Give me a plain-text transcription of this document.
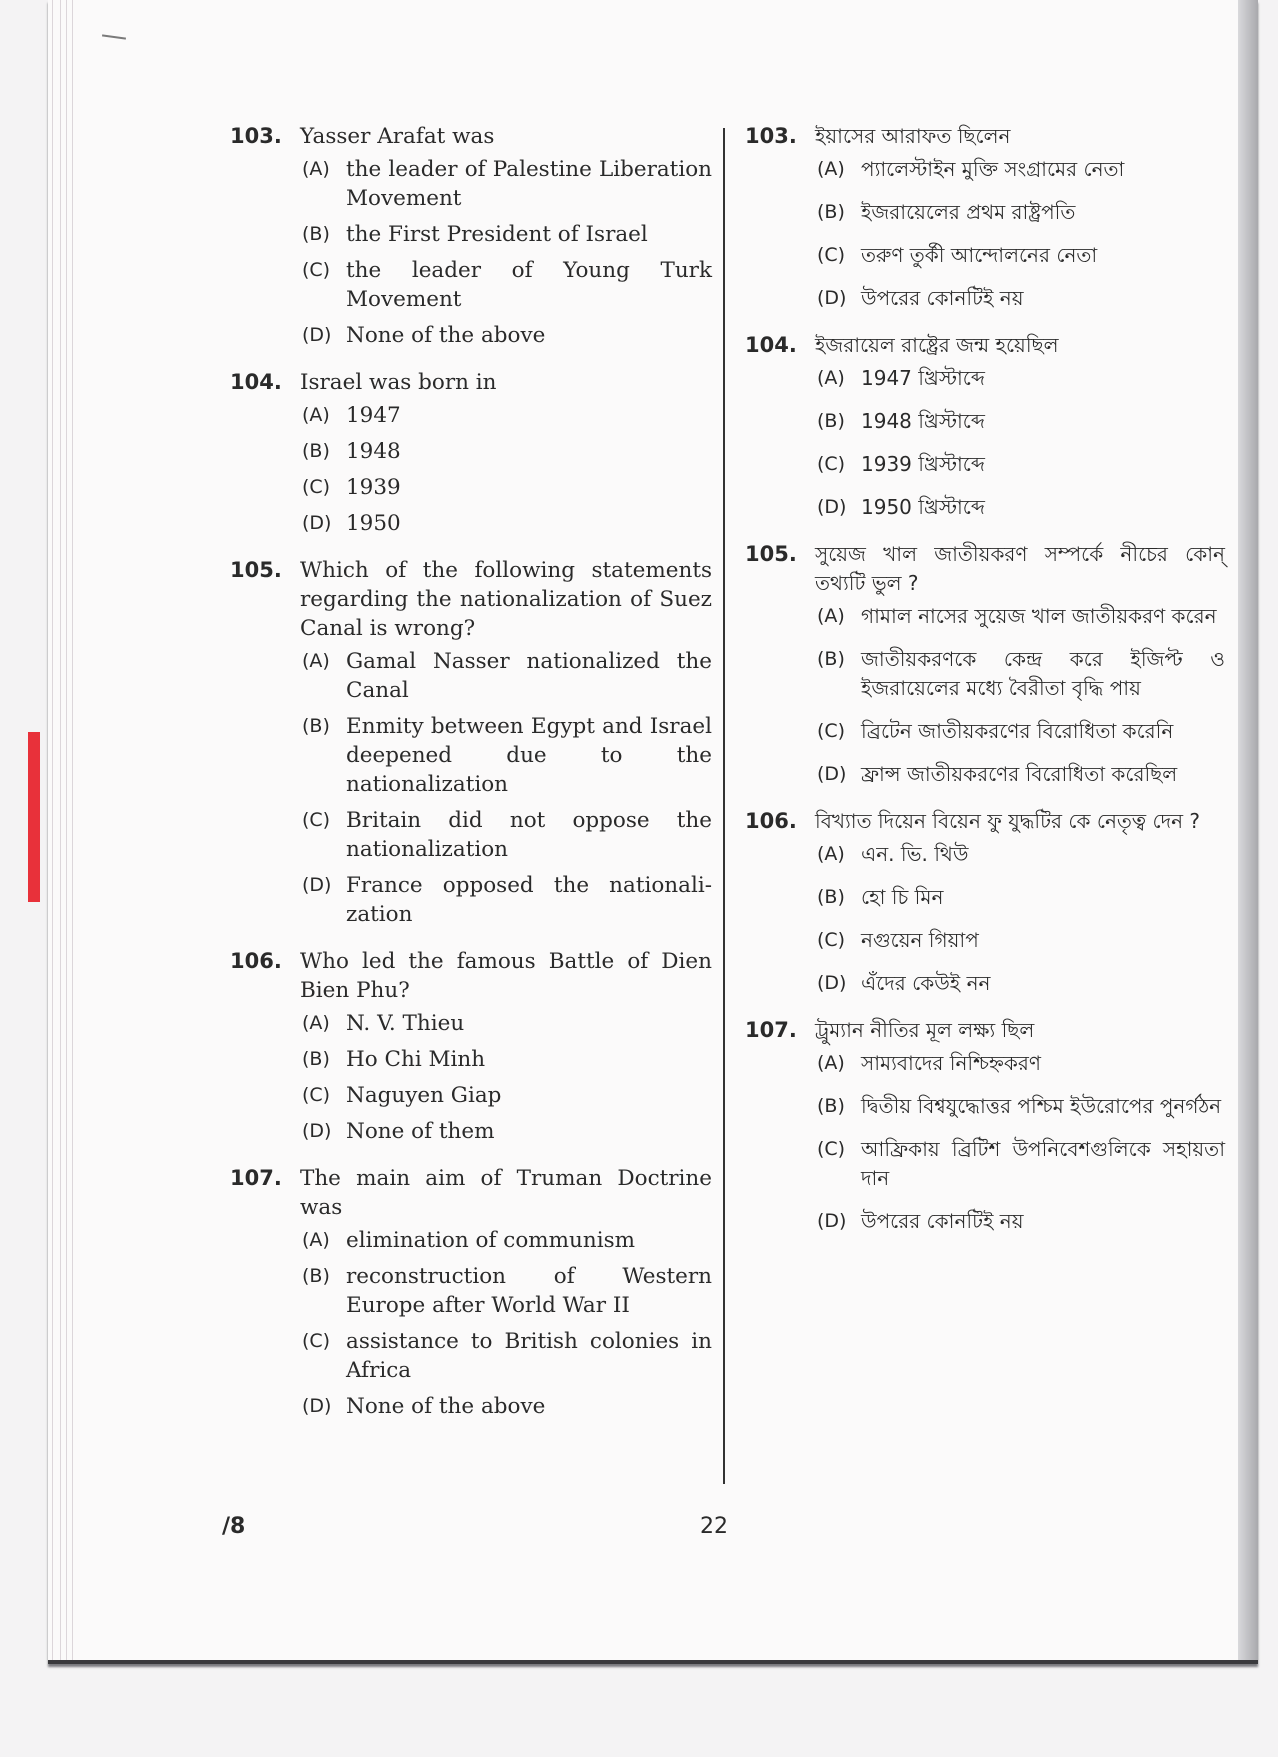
103. Yasser Arafat was
(A) the leader of Palestine Liberation Movement
(B) the First President of Israel
(C) the leader of Young Turk Movement
(D) None of the above
104. Israel was born in
(A) 1947
(B) 1948
(C) 1939
(D) 1950
105. Which of the following statements regarding the nationalization of Suez Canal is wrong?
(A) Gamal Nasser nationalized the Canal
(B) Enmity between Egypt and Israel deepened due to the nationalization
(C) Britain did not oppose the nationalization
(D) France opposed the nationali- zation
106. Who led the famous Battle of Dien Bien Phu?
(A) N. V. Thieu
(B) Ho Chi Minh
(C) Naguyen Giap
(D) None of them
107. The main aim of Truman Doctrine was
(A) elimination of communism
(B) reconstruction of Western Europe after World War II
(C) assistance to British colonies in Africa
(D) None of the above
103. ইয়াসের আরাফত ছিলেন
(A) প্যালেস্টাইন মুক্তি সংগ্রামের নেতা
(B) ইজরায়েলের প্রথম রাষ্ট্রপতি
(C) তরুণ তুর্কী আন্দোলনের নেতা
(D) উপরের কোনটিই নয়
104. ইজরায়েল রাষ্ট্রের জন্ম হয়েছিল
(A) 1947 খ্রিস্টাব্দে
(B) 1948 খ্রিস্টাব্দে
(C) 1939 খ্রিস্টাব্দে
(D) 1950 খ্রিস্টাব্দে
105. সুয়েজ খাল জাতীয়করণ সম্পর্কে নীচের কোন্ তথ্যটি ভুল ?
(A) গামাল নাসের সুয়েজ খাল জাতীয়করণ করেন
(B) জাতীয়করণকে কেন্দ্র করে ইজিপ্ট ও ইজরায়েলের মধ্যে বৈরীতা বৃদ্ধি পায়
(C) ব্রিটেন জাতীয়করণের বিরোধিতা করেনি
(D) ফ্রান্স জাতীয়করণের বিরোধিতা করেছিল
106. বিখ্যাত দিয়েন বিয়েন ফু যুদ্ধটির কে নেতৃত্ব দেন ?
(A) এন. ভি. থিউ
(B) হো চি মিন
(C) নগুয়েন গিয়াপ
(D) এঁদের কেউই নন
107. ট্রুম্যান নীতির মূল লক্ষ্য ছিল
(A) সাম্যবাদের নিশ্চিহ্নকরণ
(B) দ্বিতীয় বিশ্বযুদ্ধোত্তর পশ্চিম ইউরোপের পুনর্গঠন
(C) আফ্রিকায় ব্রিটিশ উপনিবেশগুলিকে সহায়তা দান
(D) উপরের কোনটিই নয়
/8	22
